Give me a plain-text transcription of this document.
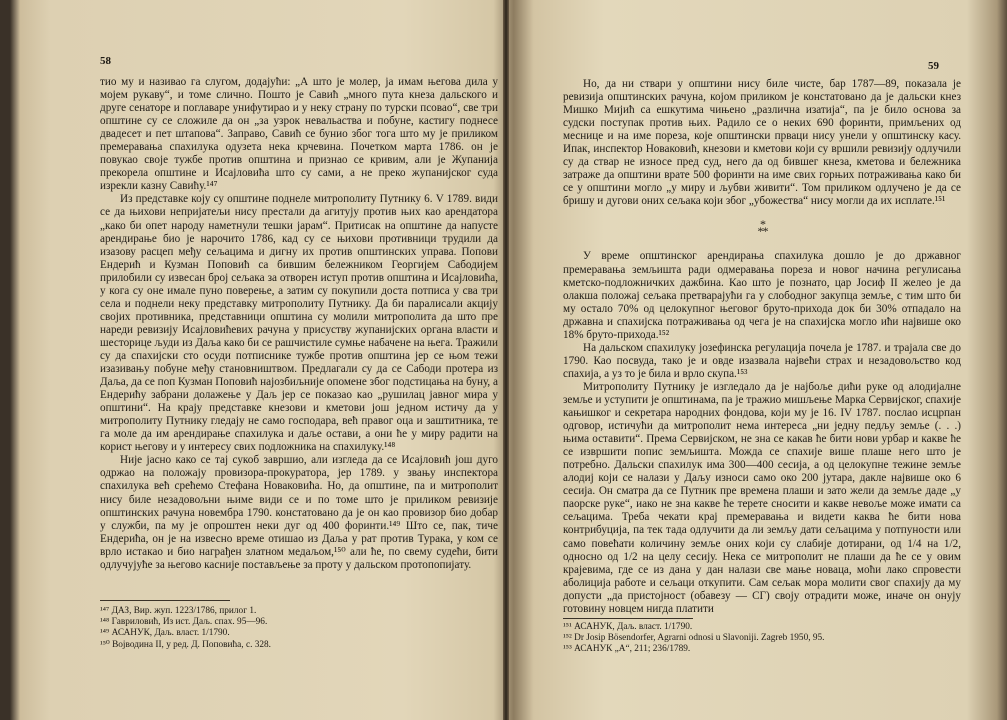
58

тио му и називао га слугом, додајући: „А што је молер, ја имам његова дила у мојем рукаву“, и томе слично. Пошто је Савић „много пута кнеза дальского и друге сенаторе и поглаваре унифутирао и у неку страну по турски псовао“, све три општине су се сложиле да он „за узрок невальаства и побуне, кастигу поднесе двадесет и пет штапова“. Заправо, Савић се бунио због тога што му је приликом премеравања спахилука одузета нека крчевина. Почетком марта 1786. он је повукао своје тужбе против општина и признао се кривим, али је Жупанија прекорела општине и Исајловића што су сами, а не преко жупанијског суда изрекли казну Савићу.¹⁴⁷

Из представке коју су општине поднеле митрополиту Путнику 6. V 1789. види се да њихови непријатељи нису престали да агитују против њих као арендатора „како би опет народу наметнули тешки јарам“. Притисак на општине да напусте арендирање био је нарочито 1786, кад су се њихови противници трудили да изазову расцеп међу сељацима и дигну их против општинских управа. Попови Ендерић и Кузман Поповић са бившим бележником Георгијем Сабодијем прилобили су извесан број сељака за отворен иступ против општина и Исајловића, у кога су оне имале пуно поверење, а затим су покупили доста потписа у сва три села и поднели неку представку митрополиту Путнику. Да би паралисали акцију својих противника, представници општина су молили митрополита да што пре нареди ревизију Исајловићевих рачуна у присуству жупанијских органа власти и шесторице људи из Даља како би се рашчистиле сумње набачене на њега. Тражили су да спахијски сто осуди потписнике тужбе против општина јер се њом тежи изазивању побуне међу становништвом. Предлагали су да се Сабоди протера из Даља, да се поп Кузман Поповић најозбиљније опомене због подстицања на буну, а Ендерићу забрани долажење у Даљ јер се показао као „рушилац јавног мира у општини“. На крају представке кнезови и кметови још једном истичу да у митрополиту Путнику гледају не само господара, већ правог оца и заштитника, те га моле да им арендирање спахилука и даље остави, а они ће у миру радити на корист његову и у интересу свих подложника на спахилуку.¹⁴⁸

Није јасно како се тај сукоб завршио, али изгледа да се Исајловић још дуго одржао на положају провизора-прокуратора, јер 1789. у звању инспектора спахилука већ срећемо Стефана Новаковића. Но, да општине, па и митрополит нису биле незадовољни њиме види се и по томе што је приликом ревизије општинских рачуна новембра 1790. констатовано да је он као провизор био добар у служби, па му је опроштен неки дуг од 400 форинти.¹⁴⁹ Што се, пак, тиче Ендерића, он је на извесно време отишао из Даља у рат против Турака, у ком се врло истакао и био награђен златном медаљом,¹⁵⁰ али ће, по свему судећи, бити одлучујуће за његово касније постављење за проту у дальском протопопијату.

¹⁴⁷ ДАЗ, Вир. жуп. 1223/1786, прилог 1.
¹⁴⁸ Гавриловић, Из ист. Даљ. спах. 95—96.
¹⁴⁹ АСАНУК, Даљ. власт. 1/1790.
¹⁵⁰ Војводина II, у ред. Д. Поповића, с. 328.
59

Но, да ни ствари у општини нису биле чисте, бар 1787—89, показала је ревизија општинских рачуна, којом приликом је констатовано да је дальски кнез Мишко Мијић са ешкутима чињено „различна изатија“, па је било основа за судски поступак против њих. Радило се о неких 690 форинти, примљених од меснице и на име пореза, које општински прваци нису унели у општинску касу. Ипак, инспектор Новаковић, кнезови и кметови који су вршили ревизију одлучили су да ствар не износе пред суд, него да од бившег кнеза, кметова и бележника затраже да општини врате 500 форинти на име свих горњих потраживања како би се у општини могло „у миру и љубви живити“. Том приликом одлучено је да се бришу и дугови оних сељака који због „убожества“ нису могли да их исплате.¹⁵¹

*
* *

У време општинског арендирања спахилука дошло је до државног премеравања земљишта ради одмеравања пореза и новог начина регулисања кметско-подложничких дажбина. Као што је познато, цар Јосиф II желео је да олакша положај сељака претварајући га у слободног закупца земље, с тим што би му остало 70% од целокупног његовог бруто-прихода док би 30% отпадало на државна и спахијска потраживања од чега је на спахијска могло ићи највише око 18% бруто-прихода.¹⁵²

На дальском спахилуку јозефинска регулација почела је 1787. и трајала све до 1790. Као посвуда, тако је и овде изазвала највећи страх и незадовољство код спахија, а уз то је била и врло скупа.¹⁵³

Митрополиту Путнику је изгледало да је најбоље дићи руке од алодијалне земље и уступити је општинама, па је тражио мишљење Марка Сервијског, спахије кањишког и секретара народних фондова, који му је 16. IV 1787. послао исцрпан одговор, истичући да митрополит нема интереса „ни једну педљу земље (. . .) њима оставити“. Према Сервијском, не зна се какав ће бити нови урбар и какве ће се извршити попис земљишта. Можда се спахије више плаше него што је потребно. Дальски спахилук има 300—400 сесија, а од целокупне тежине земље алодиј који се налази у Даљу износи само око 200 јутара, дакле највише око 6 сесија. Он сматра да се Путник пре времена плаши и зато жели да земље даде „у паорске руке“, иако не зна какве ће терете сносити и какве невоље може имати са сељацима. Треба чекати крај премеравања и видети каква ће бити нова контрибуција, па тек тада одлучити да ли земљу дати сељацима у потпуности или само повећати количину земље оних који су слабије дотирани, од 1/4 на 1/2, односно од 1/2 на целу сесију. Нека се митрополит не плаши да ће се у овим крајевима, где се из дана у дан налази све мање новаца, моћи лако спровести аболиција работе и сељаци откупити. Сам сељак мора молити свог спахију да му допусти „да пристојност (обавезу — СГ) своју отрадити може, иначе он онују готовину новцем нигда платити

¹⁵¹ АСАНУК, Даљ. власт. 1/1790.
¹⁵² Dr Josip Bösendorfer, Agrarni odnosi u Slavoniji. Zagreb 1950, 95.
¹⁵³ АСАНУК „А“, 211; 236/1789.
